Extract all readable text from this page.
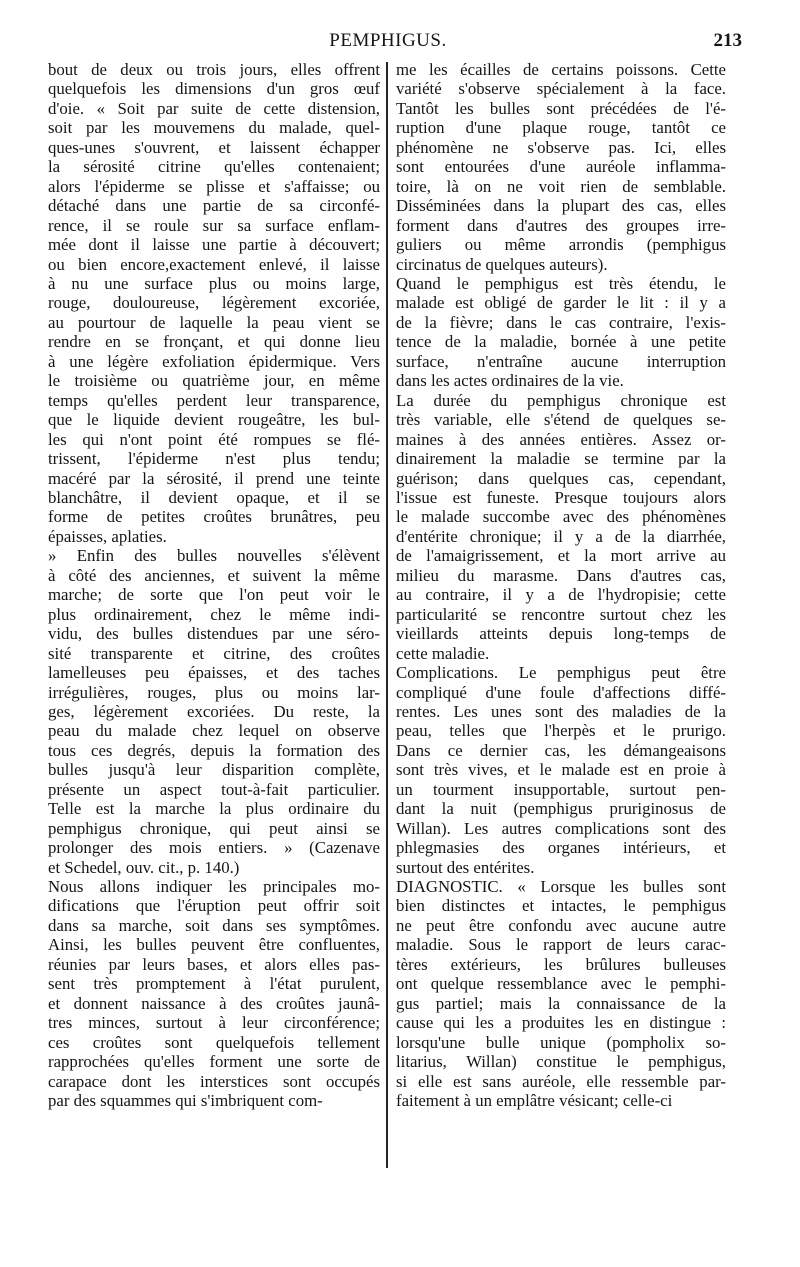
PEMPHIGUS.	213

bout de deux ou trois jours, elles offrent

quelquefois les dimensions d'un gros œuf

d'oie. « Soit par suite de cette distension,

soit par les mouvemens du malade, quel-

ques-unes s'ouvrent, et laissent échapper

la sérosité citrine qu'elles contenaient;

alors l'épiderme se plisse et s'affaisse; ou

détaché dans une partie de sa circonfé-

rence, il se roule sur sa surface enflam-

mée dont il laisse une partie à découvert;

ou bien encore,exactement enlevé, il laisse

à nu une surface plus ou moins large,

rouge, douloureuse, légèrement excoriée,

au pourtour de laquelle la peau vient se

rendre en se fronçant, et qui donne lieu

à une légère exfoliation épidermique. Vers

le troisième ou quatrième jour, en même

temps qu'elles perdent leur transparence,

que le liquide devient rougeâtre, les bul-

les qui n'ont point été rompues se flé-

trissent, l'épiderme n'est plus tendu;

macéré par la sérosité, il prend une teinte

blanchâtre, il devient opaque, et il se

forme de petites croûtes brunâtres, peu

épaisses, aplaties.

» Enfin des bulles nouvelles s'élèvent

à côté des anciennes, et suivent la même

marche; de sorte que l'on peut voir le

plus ordinairement, chez le même indi-

vidu, des bulles distendues par une séro-

sité transparente et citrine, des croûtes

lamelleuses peu épaisses, et des taches

irrégulières, rouges, plus ou moins lar-

ges, légèrement excoriées. Du reste, la

peau du malade chez lequel on observe

tous ces degrés, depuis la formation des

bulles jusqu'à leur disparition complète,

présente un aspect tout-à-fait particulier.

Telle est la marche la plus ordinaire du

pemphigus chronique, qui peut ainsi se

prolonger des mois entiers. » (Cazenave

et Schedel, ouv. cit., p. 140.)

Nous allons indiquer les principales mo-

difications que l'éruption peut offrir soit

dans sa marche, soit dans ses symptômes.

Ainsi, les bulles peuvent être confluentes,

réunies par leurs bases, et alors elles pas-

sent très promptement à l'état purulent,

et donnent naissance à des croûtes jaunâ-

tres minces, surtout à leur circonférence;

ces croûtes sont quelquefois tellement

rapprochées qu'elles forment une sorte de

carapace dont les interstices sont occupés

par des squammes qui s'imbriquent com-

me les écailles de certains poissons. Cette

variété s'observe spécialement à la face.

Tantôt les bulles sont précédées de l'é-

ruption d'une plaque rouge, tantôt ce

phénomène ne s'observe pas. Ici, elles

sont entourées d'une auréole inflamma-

toire, là on ne voit rien de semblable.

Disséminées dans la plupart des cas, elles

forment dans d'autres des groupes irre-

guliers ou même arrondis (pemphigus

circinatus de quelques auteurs).

Quand le pemphigus est très étendu, le

malade est obligé de garder le lit : il y a

de la fièvre; dans le cas contraire, l'exis-

tence de la maladie, bornée à une petite

surface, n'entraîne aucune interruption

dans les actes ordinaires de la vie.

La durée du pemphigus chronique est

très variable, elle s'étend de quelques se-

maines à des années entières. Assez or-

dinairement la maladie se termine par la

guérison; dans quelques cas, cependant,

l'issue est funeste. Presque toujours alors

le malade succombe avec des phénomènes

d'entérite chronique; il y a de la diarrhée,

de l'amaigrissement, et la mort arrive au

milieu du marasme. Dans d'autres cas,

au contraire, il y a de l'hydropisie; cette

particularité se rencontre surtout chez les

vieillards atteints depuis long-temps de

cette maladie.

Complications. Le pemphigus peut être

compliqué d'une foule d'affections diffé-

rentes. Les unes sont des maladies de la

peau, telles que l'herpès et le prurigo.

Dans ce dernier cas, les démangeaisons

sont très vives, et le malade est en proie à

un tourment insupportable, surtout pen-

dant la nuit (pemphigus pruriginosus de

Willan). Les autres complications sont des

phlegmasies des organes intérieurs, et

surtout des entérites.

DIAGNOSTIC. « Lorsque les bulles sont

bien distinctes et intactes, le pemphigus

ne peut être confondu avec aucune autre

maladie. Sous le rapport de leurs carac-

tères extérieurs, les brûlures bulleuses

ont quelque ressemblance avec le pemphi-

gus partiel; mais la connaissance de la

cause qui les a produites les en distingue :

lorsqu'une bulle unique (pompholix so-

litarius, Willan) constitue le pemphigus,

si elle est sans auréole, elle ressemble par-

faitement à un emplâtre vésicant; celle-ci
